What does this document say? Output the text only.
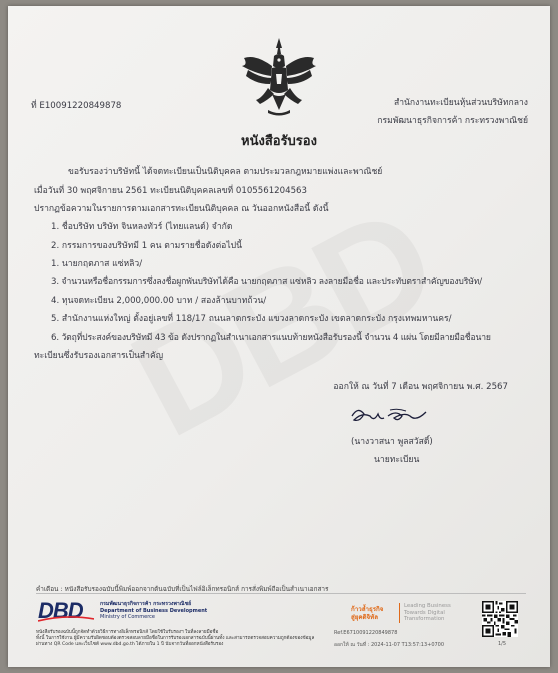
ที่ E10091220849878	สำนักงานทะเบียนหุ้นส่วนบริษัทกลาง
กรมพัฒนาธุรกิจการค้า กระทรวงพาณิชย์
หนังสือรับรอง
ขอรับรองว่าบริษัทนี้ ได้จดทะเบียนเป็นนิติบุคคล ตามประมวลกฎหมายแพ่งและพาณิชย์
เมื่อวันที่ 30 พฤศจิกายน 2561 ทะเบียนนิติบุคคลเลขที่ 0105561204563
ปรากฏข้อความในรายการตามเอกสารทะเบียนนิติบุคคล ณ วันออกหนังสือนี้ ดังนี้
1. ชื่อบริษัท บริษัท จินหลงทัวร์ (ไทยแลนด์) จำกัด
2. กรรมการของบริษัทมี 1 คน ตามรายชื่อดังต่อไปนี้
1. นายกฤตภาส แซ่หลิว/
3. จำนวนหรือชื่อกรรมการซึ่งลงชื่อผูกพันบริษัทได้คือ นายกฤตภาส แซ่หลิว ลงลายมือชื่อ และประทับตราสำคัญของบริษัท/
4. ทุนจดทะเบียน 2,000,000.00 บาท / สองล้านบาทถ้วน/
5. สำนักงานแห่งใหญ่ ตั้งอยู่เลขที่ 118/17 ถนนลาดกระบัง แขวงลาดกระบัง เขตลาดกระบัง กรุงเทพมหานคร/
6. วัตถุที่ประสงค์ของบริษัทมี 43 ข้อ ดังปรากฏในสำเนาเอกสารแนบท้ายหนังสือรับรองนี้ จำนวน 4 แผ่น โดยมีลายมือชื่อนาย
ทะเบียนซึ่งรับรองเอกสารเป็นสำคัญ
ออกให้ ณ วันที่ 7 เดือน พฤศจิกายน พ.ศ. 2567
(นางวาสนา พูลสวัสดิ์)
นายทะเบียน
คำเตือน : หนังสือรับรองฉบับนี้พิมพ์ออกจากต้นฉบับที่เป็นไฟล์อิเล็กทรอนิกส์ การสั่งพิมพ์ถือเป็นสำเนาเอกสาร
DBD	กรมพัฒนาธุรกิจการค้า กระทรวงพาณิชย์
Department of Business Development
Ministry of Commerce
หนังสือรับรองฉบับนี้ถูกจัดทำด้วยวิธีการทางอิเล็กทรอนิกส์ โดยใช้ใบรับรองฯ ในที่ลงลายมือชื่อ
ทั้งนี้ ในการใช้งาน ผู้มีความรับผิดชอบต้องตรวจสอบลายมือชื่อในการรับรองเอกสารฉบับนี้ผ่านทั้ง และสามารถตรวจสอบความถูกต้องของข้อมูล
ผ่านทาง QR Code และเว็บไซต์ www.dbd.go.th ได้ภายใน 1 ปี นับจากวันที่ออกหนังสือรับรอง
ก้าวล้ำธุรกิจ
สู่ยุคดิจิทัล
Leading Business
Towards Digital
Transformation
Ref.E6710091220849878
ออกให้ ณ วันที่ : 2024-11-07 T13:57:13+0700	1/5
